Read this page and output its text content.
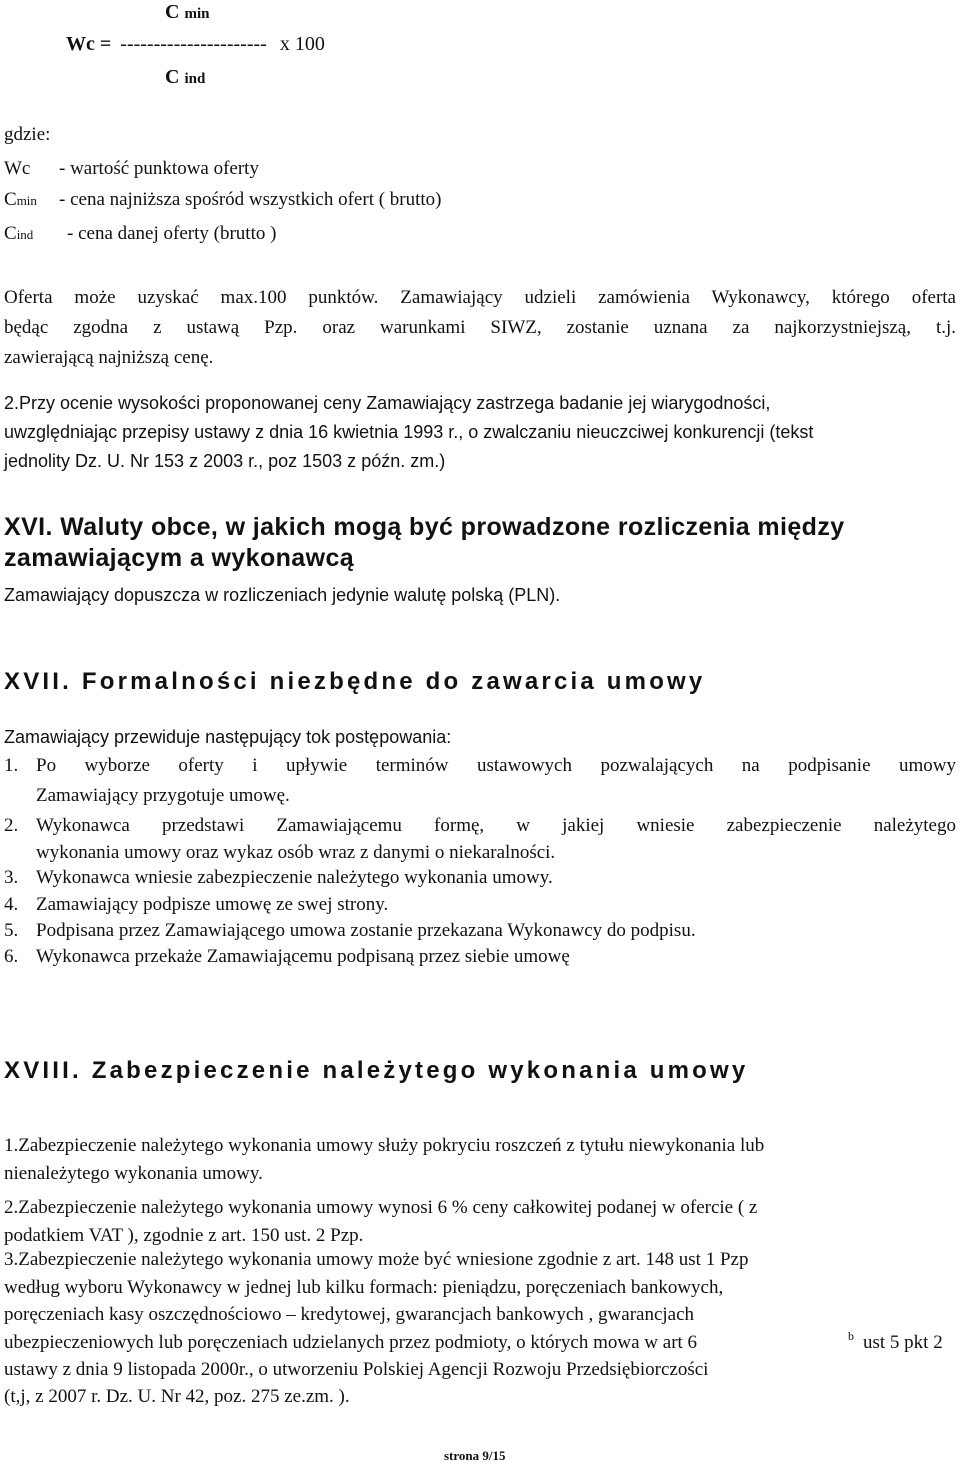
C min
Wc = ---------------------- x 100
C ind
gdzie:
Wc - wartość punktowa oferty
Cmin - cena najniższa spośród wszystkich ofert ( brutto)
Cind - cena danej oferty (brutto )
Oferta może uzyskać max.100 punktów. Zamawiający udzieli zamówienia Wykonawcy, którego oferta
będąc zgodna z ustawą Pzp. oraz warunkami SIWZ, zostanie uznana za najkorzystniejszą, t.j.
zawierającą najniższą cenę.
2.Przy ocenie wysokości proponowanej ceny Zamawiający zastrzega badanie jej wiarygodności,
uwzględniając przepisy ustawy z dnia 16 kwietnia 1993 r., o zwalczaniu nieuczciwej konkurencji (tekst
jednolity Dz. U. Nr 153 z 2003 r., poz 1503 z późn. zm.)
XVI. Waluty obce, w jakich mogą być prowadzone rozliczenia między
zamawiającym a wykonawcą
Zamawiający dopuszcza w rozliczeniach jedynie walutę polską (PLN).
XVII. Formalności niezbędne do zawarcia umowy
Zamawiający przewiduje następujący tok postępowania:
1. Po wyborze oferty i upływie terminów ustawowych pozwalających na podpisanie umowy
Zamawiający przygotuje umowę.
2. Wykonawca przedstawi Zamawiającemu formę, w jakiej wniesie zabezpieczenie należytego
wykonania umowy oraz wykaz osób wraz z danymi o niekaralności.
3. Wykonawca wniesie zabezpieczenie należytego wykonania umowy.
4. Zamawiający podpisze umowę ze swej strony.
5. Podpisana przez Zamawiającego umowa zostanie przekazana Wykonawcy do podpisu.
6. Wykonawca przekaże Zamawiającemu podpisaną przez siebie umowę
XVIII. Zabezpieczenie należytego wykonania umowy
1.Zabezpieczenie należytego wykonania umowy służy pokryciu roszczeń z tytułu niewykonania lub
nienależytego wykonania umowy.
2.Zabezpieczenie należytego wykonania umowy wynosi 6 % ceny całkowitej podanej w ofercie ( z
podatkiem VAT ), zgodnie z art. 150 ust. 2 Pzp.
3.Zabezpieczenie należytego wykonania umowy może być wniesione zgodnie z art. 148 ust 1 Pzp
według wyboru Wykonawcy w jednej lub kilku formach: pieniądzu, poręczeniach bankowych,
poręczeniach kasy oszczędnościowo – kredytowej, gwarancjach bankowych , gwarancjach
ubezpieczeniowych lub poręczeniach udzielanych przez podmioty, o których mowa w art 6	$^b$ ust 5 pkt 2
ustawy z dnia 9 listopada 2000r., o utworzeniu Polskiej Agencji Rozwoju Przedsiębiorczości
(t,j, z 2007 r. Dz. U. Nr 42, poz. 275 ze.zm. ).
strona 9/15
